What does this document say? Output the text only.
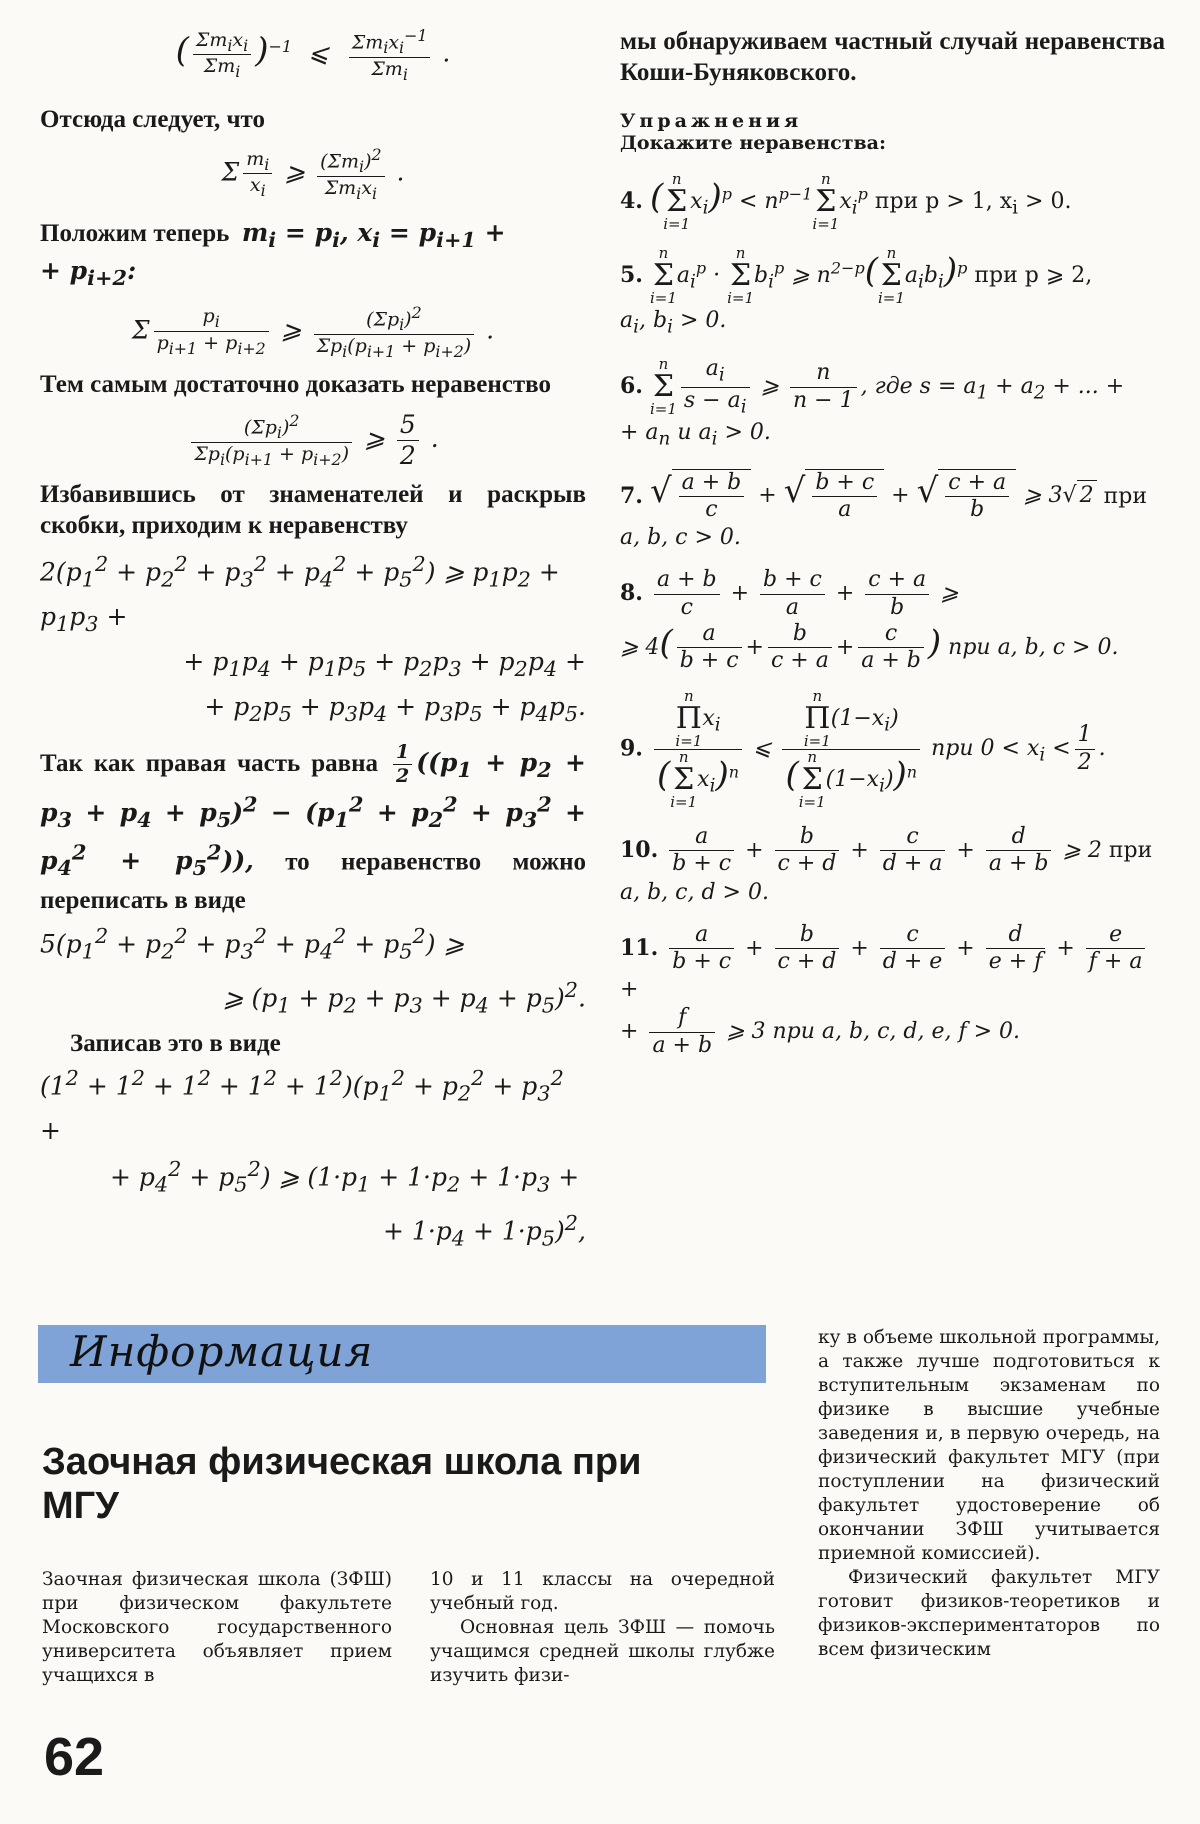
( $\frac{\Sigma m_ix_i}{\Sigma m_i} )^{-1}$  ⩽ $\frac{\Sigma m_ix_i^{-1}}{\Sigma m_i}$ .
Отсюда следует, что
Σ $\frac{m_i}{x_i}$ ⩾ $\frac{(\Sigma m_i)^2}{\Sigma m_ix_i}$ .
Положим теперь $m_i = p_i$, $x_i = p_{i+1}$ +
+ $p_{i+2}$:
Σ $\frac{p_i}{p_{i+1} + p_{i+2}}$ ⩾ $\frac{(\Sigma p_i)^2}{\Sigma p_i(p_{i+1} + p_{i+2})}$ .
Тем самым достаточно доказать неравенство
$\frac{(\Sigma p_i)^2}{\Sigma p_i(p_{i+1} + p_{i+2})}$ ⩾ $\frac{5}{2}$ .
Избавившись от знаменателей и раскрыв скобки, приходим к неравенству
$2(p_1^2 + p_2^2 + p_3^2 + p_4^2 + p_5^2)$ ⩾ $p_1p_2 + p_1p_3$ +
+ $p_1p_4 + p_1p_5 + p_2p_3 + p_2p_4$ +
+ $p_2p_5 + p_3p_4 + p_3p_5 + p_4p_5$.
Так как правая часть равна $\frac{1}{2} ((p_1 + p_2 + p_3 + p_4 + p_5)^2 - (p_1^2 + p_2^2 + p_3^2 + p_4^2 + p_5^2))$, то неравенство можно переписать в виде
$5(p_1^2 + p_2^2 + p_3^2 + p_4^2 + p_5^2)$ ⩾
⩾ $(p_1 + p_2 + p_3 + p_4 + p_5)^2$.
Записав это в виде
$(1^2 + 1^2 + 1^2 + 1^2 + 1^2)(p_1^2 + p_2^2 + p_3^2$ +
+ $p_4^2 + p_5^2$) ⩾ ($1\cdot p_1 + 1\cdot p_2 + 1\cdot p_3$ +
+ $1\cdot p_4 + 1\cdot p_5)^2$,
мы обнаруживаем частный случай неравенства Коши-Буняковского.
Упражнения
Докажите неравенства:
4. ( n
Σ
i=1
$x_i)^p < n^{p-1}$
n
Σ
i=1
$x_i^p$ при p > 1, $x_i > 0$.
5.
n
Σ
i=1
$a_i^p$ ·
n
Σ
i=1
$b_i^p$ ⩾ $n^{2-p}$( n
Σ
i=1
$a_ib_i)^p$ при p ⩾ 2,
$a_i$, $b_i > 0$.
6.
n
Σ
$i=1 \frac{a_i}{s - a_i}$ ⩾ $\frac{n}{n - 1}$ , где $s = a_1 + a_2$ + ... +
+ $a_n$ и $a_i > 0$.
7. √ $\frac{a + b}{c}$ + √ $\frac{b + c}{a}$ + √ $\frac{c + a}{b}$ ⩾ 3√ 2 при
a, b, c > 0.
8. $\frac{a + b}{c} + \frac{b + c}{a} + \frac{c + a}{b}$ ⩾
⩾ $4( \frac{a}{b + c} + \frac{b}{c + a} + \frac{c}{a + b}$ ) при a, b, c > 0.
9. n
Π
i=1
$x_i$
( n
Σ
i=1
$x_i)^n$ ⩽ n
Π
i=1
$(1-x_i)$
( n
Σ
i=1
$(1-x_i))^n$ при $0 < x_i < \frac{1}{2}$ .
10. $\frac{a}{b + c} + \frac{b}{c + d} + \frac{c}{d + a} + \frac{d}{a + b}$ ⩾ 2 при
a, b, c, d > 0.
11. $\frac{a}{b + c} + \frac{b}{c + d} + \frac{c}{d + e} + \frac{d}{e + f} + \frac{e}{f + a}$
+
+ $\frac{f}{a + b}$ ⩾ 3 при a, b, c, d, e, f > 0.
Информация
Заочная физическая школа при МГУ
Заочная физическая школа (ЗФШ) при физическом факультете Московского государственного университета объявляет прием учащихся в
10 и 11 классы на очередной учебный год.
Основная цель ЗФШ — помочь учащимся средней школы глубже изучить физи-
ку в объеме школьной программы, а также лучше подготовиться к вступительным экзаменам по физике в высшие учебные заведения и, в первую очередь, на физический факультет МГУ (при поступлении на физический факультет удостоверение об окончании ЗФШ учитывается приемной комиссией).
Физический факультет МГУ готовит физиков-теоретиков и физиков-экспериментаторов по всем физическим
62
